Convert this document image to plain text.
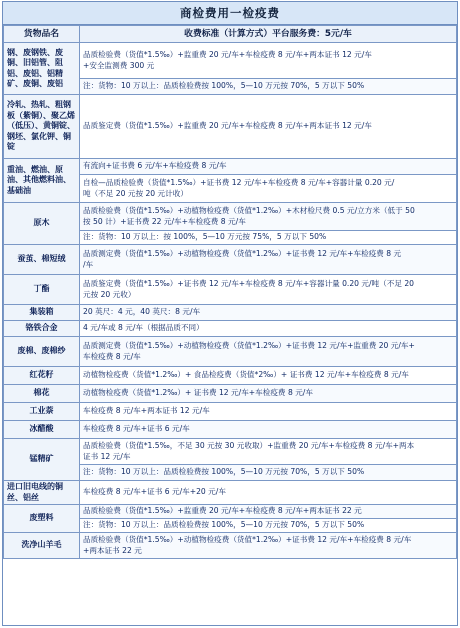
商检费用一检疫费
货物品名	收费标准（计算方式）平台服务费：5元/车
钢、废钢铁、废铜、旧铝管、阻铝、废铝、铝精矿、废铜、废铝	品质检验费（货值*1.5‰）+监重费 20 元/车+车检疫费 8 元/车+两本证书 12 元/车
+安全监测费 300 元

	注：货物：10 万以上：品质检验费按 100%，5—10 万元按 70%，5 万以下 50%

冷轧、热轧、粗钢板（紫铜）、聚乙烯（低压）、黄铜锭、钢坯、氯化钾、铜锭	品质鉴定费（货值*1.5‰）+监重费 20 元/车+车检疫费 8 元/车+两本证书 12 元/车

重油、燃油、原油、其他燃料油、基础油	有流向+证书费 6 元/车+车检疫费 8 元/车

	自检—品质检验费（货值*1.5‰）+证书费 12 元/车+车检疫费 8 元/车+容器计量 0.20 元/
吨（不足 20 元按 20 元计收）

原木	品质检验费（货值*1.5‰）+动植物检疫费（货值*1.2‰）+木材检尺费 0.5 元/立方米（低于 50
按 50 计）+证书费 22 元/车+车检疫费 8 元/车

	注：货物：10 万以上：按 100%，5—10 万元按 75%，5 万以下 50%

蚕茧、棉短绒	品质测定费（货值*1.5‰）+动植物检疫费（货值*1.2‰）+证书费 12 元/车+车检疫费 8 元
/车

丁酯	品质鉴定费（货值*1.5‰）+证书费 12 元/车+车检疫费 8 元/车+容器计量 0.20 元/吨（不足 20
元按 20 元收）

集装箱	20 英尺：4 元，40 英尺：8 元/车

铬铁合金	4 元/车或 8 元/车（根据品质不同）

废棉、废棉纱	品质测定费（货值*1.5‰）+动植物检疫费（货值*1.2‰）+证书费 12 元/车+监重费 20 元/车+
车检疫费 8 元/车

红花籽	动植物检疫费（货值*1.2‰）+ 食品检疫费（货值*2‰）+ 证书费 12 元/车+车检疫费 8 元/车

棉花	动植物检疫费（货值*1.2‰）+ 证书费 12 元/车+车检疫费 8 元/车

工业萘	车检疫费 8 元/车+两本证书 12 元/车

冰醋酸	车检疫费 8 元/车+证书 6 元/车

锰精矿	品质检验费（货值*1.5‰，不足 30 元按 30 元收取）+监重费 20 元/车+车检疫费 8 元/车+两本
证书 12 元/车

	注：货物：10 万以上：品质检验费按 100%，5—10 万元按 70%，5 万以下 50%

进口旧电线的铜丝、铝丝	车检疫费 8 元/车+证书 6 元/车+20 元/车

废塑料	品质检验费（货值*1.5‰）+监重费 20 元/车+车检疫费 8 元/车+两本证书 22 元

	注：货物：10 万以上：品质检验费按 100%，5—10 万元按 70%，5 万以下 50%

洗净山羊毛	品质检验费（货值*1.5‰）+动植物检疫费（货值*1.2‰）+证书费 12 元/车+车检疫费 8 元/车
+两本证书 22 元
